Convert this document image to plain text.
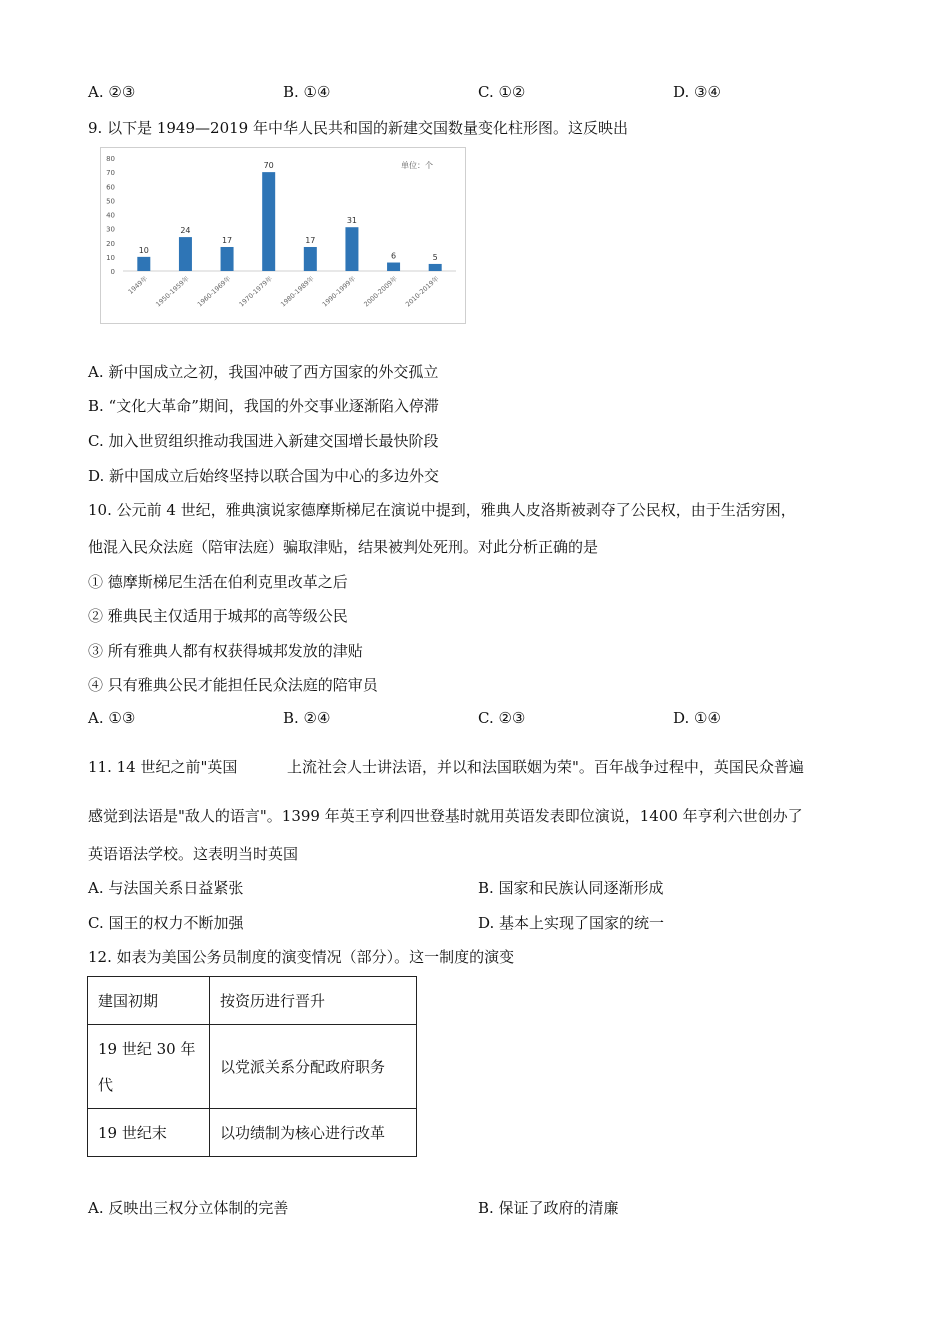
A. ②③	B. ①④	C. ①②	D. ③④
9. 以下是 1949—2019 年中华人民共和国的新建交国数量变化柱形图。这反映出
0
10
20
30
40
50
60
70
80
单位：个
10
1949年
24
1950-1959年
17
1960-1969年
70
1970-1979年
17
1980-1989年
31
1990-1999年
6
2000-2009年
5
2010-2019年
A. 新中国成立之初，我国冲破了西方国家的外交孤立
B. “文化大革命”期间，我国的外交事业逐渐陷入停滞
C. 加入世贸组织推动我国进入新建交国增长最快阶段
D. 新中国成立后始终坚持以联合国为中心的多边外交
10. 公元前 4 世纪，雅典演说家德摩斯梯尼在演说中提到，雅典人皮洛斯被剥夺了公民权，由于生活穷困，
他混入民众法庭（陪审法庭）骗取津贴，结果被判处死刑。对此分析正确的是
① 德摩斯梯尼生活在伯利克里改革之后
② 雅典民主仅适用于城邦的高等级公民
③ 所有雅典人都有权获得城邦发放的津贴
④ 只有雅典公民才能担任民众法庭的陪审员
A. ①③	B. ②④	C. ②③	D. ①④
11. 14 世纪之前"英国	上流社会人士讲法语，并以和法国联姻为荣"。百年战争过程中，英国民众普遍
感觉到法语是"敌人的语言"。1399 年英王亨利四世登基时就用英语发表即位演说，1400 年亨利六世创办了
英语语法学校。这表明当时英国
A. 与法国关系日益紧张	B. 国家和民族认同逐渐形成
C. 国王的权力不断加强	D. 基本上实现了国家的统一
12. 如表为美国公务员制度的演变情况（部分）。这一制度的演变
建国初期	按资历进行晋升

19 世纪 30 年
代	以党派关系分配政府职务
19 世纪末	以功绩制为核心进行改革
A. 反映出三权分立体制的完善	B. 保证了政府的清廉
